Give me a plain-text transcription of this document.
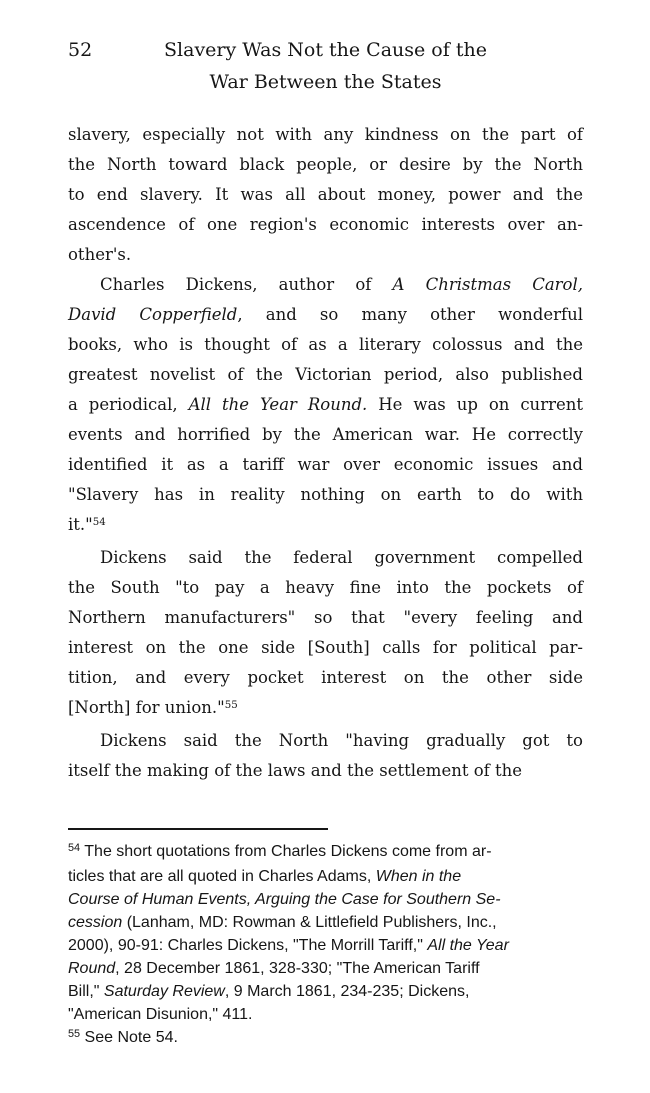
52	Slavery Was Not the Cause of the
War Between the States
slavery, especially not with any kindness on the part of
the North toward black people, or desire by the North
to end slavery. It was all about money, power and the
ascendence of one region's economic interests over an-
other's.
Charles Dickens, author of A Christmas Carol,
David Copperfield, and so many other wonderful
books, who is thought of as a literary colossus and the
greatest novelist of the Victorian period, also published
a periodical, All the Year Round. He was up on current
events and horrified by the American war. He correctly
identified it as a tariff war over economic issues and
"Slavery has in reality nothing on earth to do with
it."$^{54}$
Dickens said the federal government compelled
the South "to pay a heavy fine into the pockets of
Northern manufacturers" so that "every feeling and
interest on the one side [South] calls for political par-
tition, and every pocket interest on the other side
[North] for union."$^{55}$
Dickens said the North "having gradually got to
itself the making of the laws and the settlement of the
$^{54}$ The short quotations from Charles Dickens come from ar-
ticles that are all quoted in Charles Adams, When in the
Course of Human Events, Arguing the Case for Southern Se-
cession (Lanham, MD: Rowman & Littlefield Publishers, Inc.,
2000), 90-91: Charles Dickens, "The Morrill Tariff," All the Year
Round, 28 December 1861, 328-330; "The American Tariff
Bill," Saturday Review, 9 March 1861, 234-235; Dickens,
"American Disunion," 411.
$^{55}$ See Note 54.
